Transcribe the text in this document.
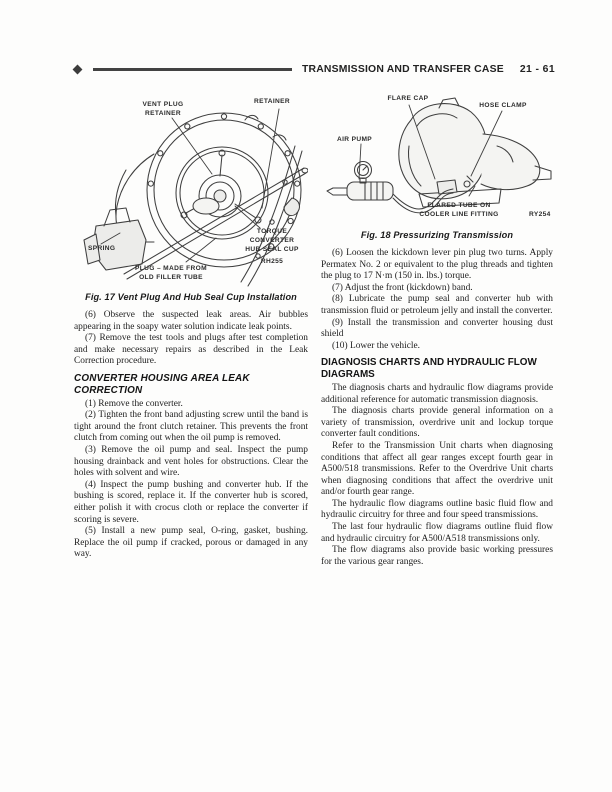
TRANSMISSION AND TRANSFER CASE 21 - 61
VENT PLUG
RETAINER
RETAINER
SPRING
PLUG – MADE FROM
OLD FILLER TUBE
TORQUE
CONVERTER
HUB SEAL CUP
RH255
Fig. 17 Vent Plug And Hub Seal Cup Installation

(6) Observe the suspected leak areas. Air bubbles appearing in the soapy water solution indicate leak points.

(7) Remove the test tools and plugs after test completion and make necessary repairs as described in the Leak Correction procedure.

CONVERTER HOUSING AREA LEAK
CORRECTION

(1) Remove the converter.

(2) Tighten the front band adjusting screw until the band is tight around the front clutch retainer. This prevents the front clutch from coming out when the oil pump is removed.

(3) Remove the oil pump and seal. Inspect the pump housing drainback and vent holes for obstructions. Clear the holes with solvent and wire.

(4) Inspect the pump bushing and converter hub. If the bushing is scored, replace it. If the converter hub is scored, either polish it with crocus cloth or replace the converter if scoring is severe.

(5) Install a new pump seal, O-ring, gasket, bushing. Replace the oil pump if cracked, porous or damaged in any way.

FLARE CAP
HOSE CLAMP
AIR PUMP
FLARED TUBE ON
COOLER LINE FITTING	RY254
Fig. 18 Pressurizing Transmission

(6) Loosen the kickdown lever pin plug two turns. Apply Permatex No. 2 or equivalent to the plug threads and tighten the plug to 17 N·m (150 in. lbs.) torque.

(7) Adjust the front (kickdown) band.

(8) Lubricate the pump seal and converter hub with transmission fluid or petroleum jelly and install the converter.

(9) Install the transmission and converter housing dust shield

(10) Lower the vehicle.

DIAGNOSIS CHARTS AND HYDRAULIC FLOW
DIAGRAMS

The diagnosis charts and hydraulic flow diagrams provide additional reference for automatic transmission diagnosis.

The diagnosis charts provide general information on a variety of transmission, overdrive unit and lockup torque converter fault conditions.

Refer to the Transmission Unit charts when diagnosing conditions that affect all gear ranges except fourth gear in A500/518 transmissions. Refer to the Overdrive Unit charts when diagnosing conditions that affect the overdrive unit and/or fourth gear range.

The hydraulic flow diagrams outline basic fluid flow and hydraulic circuitry for three and four speed transmissions.

The last four hydraulic flow diagrams outline fluid flow and hydraulic circuitry for A500/A518 transmissions only.

The flow diagrams also provide basic working pressures for the various gear ranges.
